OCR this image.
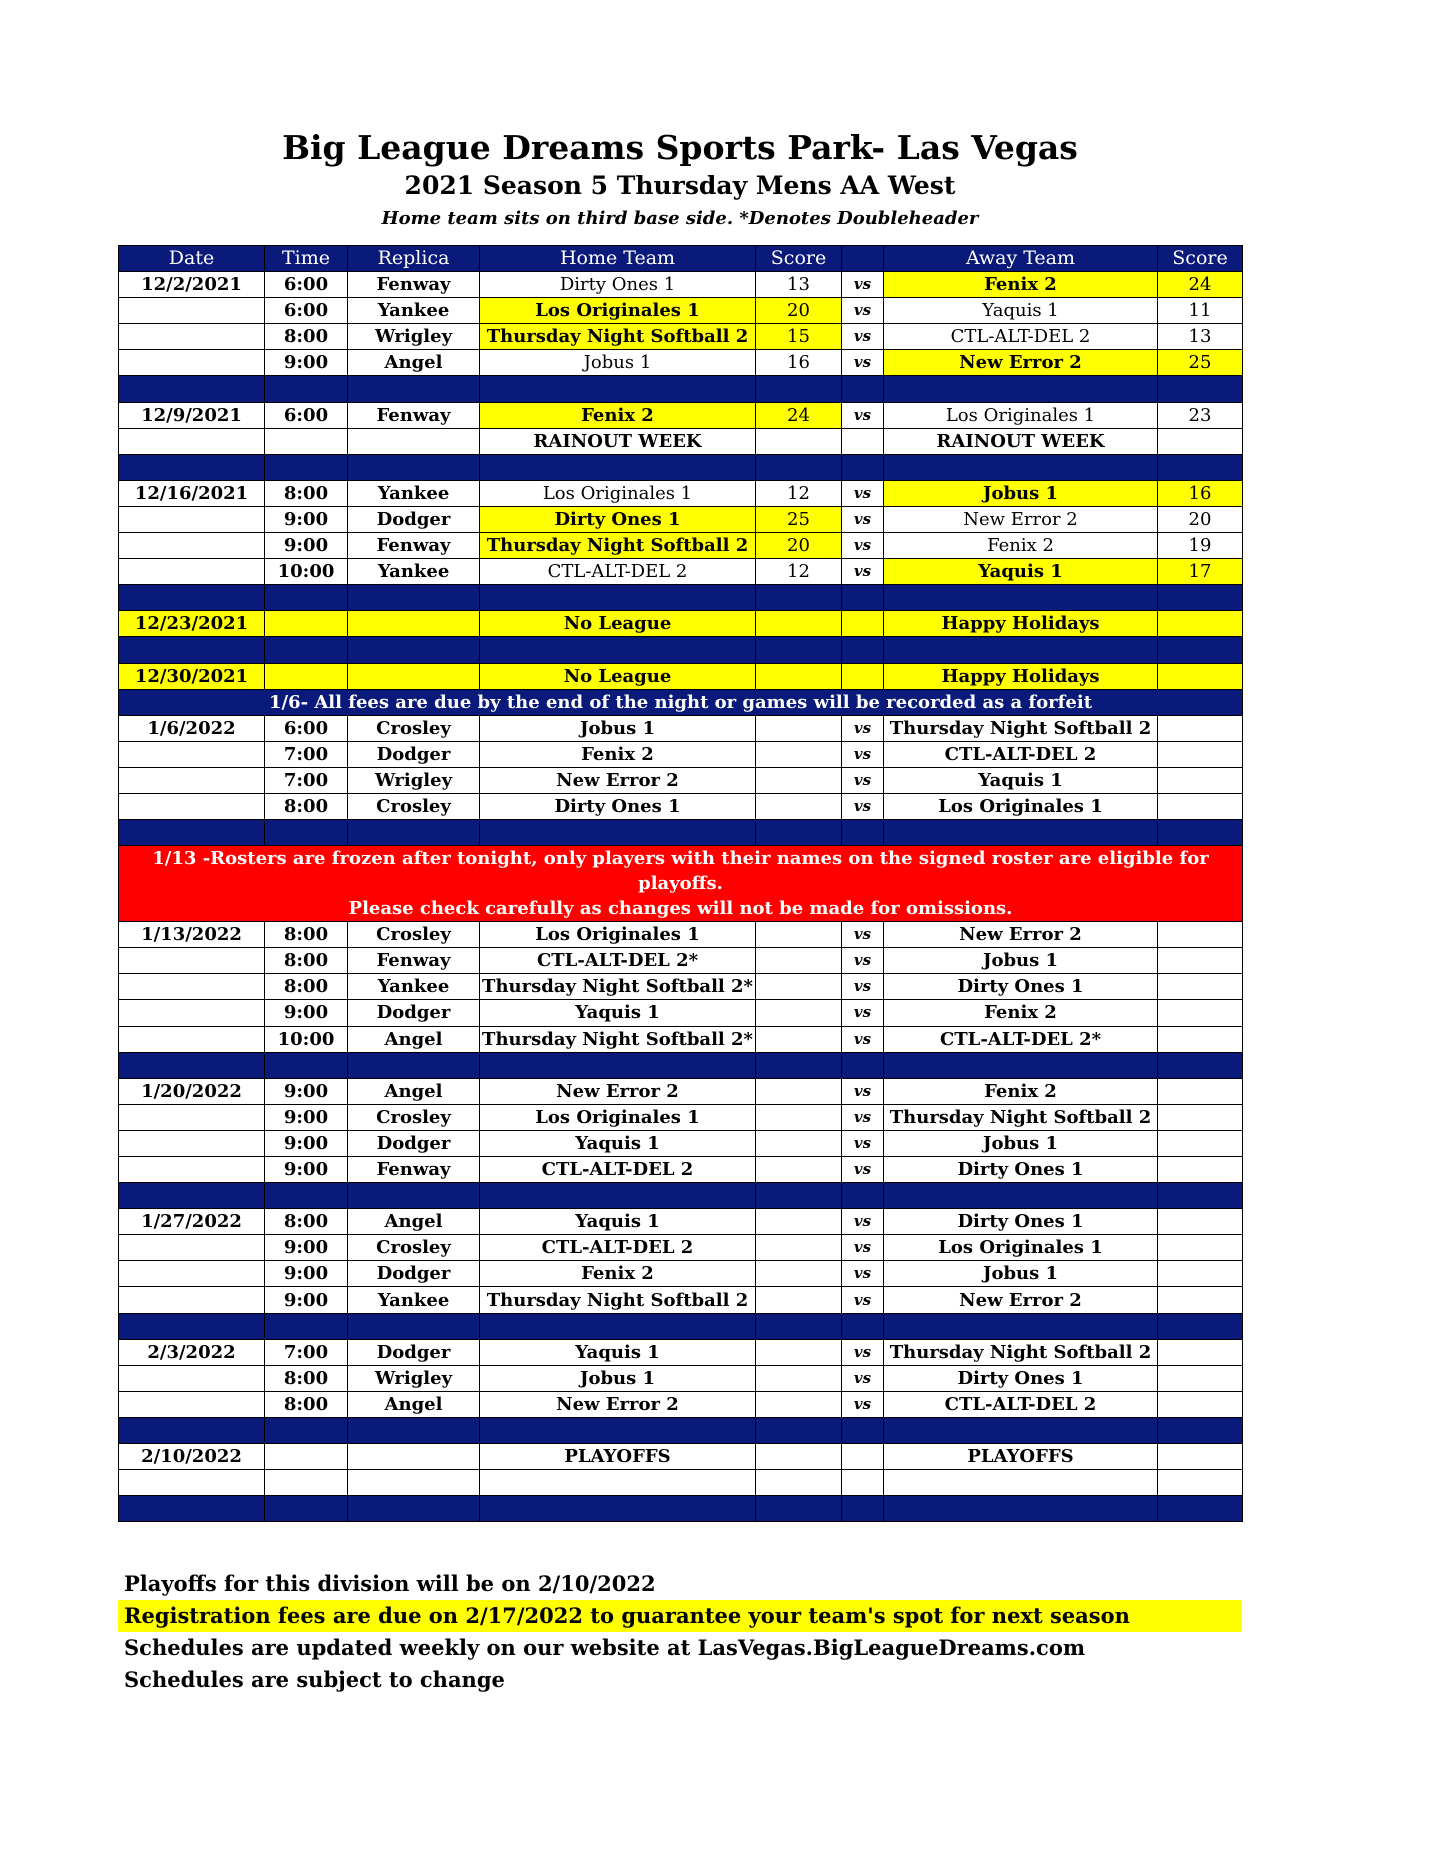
Big League Dreams Sports Park- Las Vegas
2021 Season 5 Thursday Mens AA West
Home team sits on third base side. *Denotes Doubleheader
Date	Time	Replica	Home Team	Score		Away Team	Score
12/2/2021	6:00	Fenway	Dirty Ones 1	13	vs	Fenix 2	24
	6:00	Yankee	Los Originales 1	20	vs	Yaquis 1	11
	8:00	Wrigley	Thursday Night Softball 2	15	vs	CTL-ALT-DEL 2	13
	9:00	Angel	Jobus 1	16	vs	New Error 2	25

12/9/2021	6:00	Fenway	Fenix 2	24	vs	Los Originales 1	23
			RAINOUT WEEK			RAINOUT WEEK	

12/16/2021	8:00	Yankee	Los Originales 1	12	vs	Jobus 1	16
	9:00	Dodger	Dirty Ones 1	25	vs	New Error 2	20
	9:00	Fenway	Thursday Night Softball 2	20	vs	Fenix 2	19
	10:00	Yankee	CTL-ALT-DEL 2	12	vs	Yaquis 1	17

12/23/2021			No League			Happy Holidays	

12/30/2021			No League			Happy Holidays	
1/6- All fees are due by the end of the night or games will be recorded as a forfeit							
1/6/2022	6:00	Crosley	Jobus 1		vs	Thursday Night Softball 2	
	7:00	Dodger	Fenix 2		vs	CTL-ALT-DEL 2	
	7:00	Wrigley	New Error 2		vs	Yaquis 1	
	8:00	Crosley	Dirty Ones 1		vs	Los Originales 1	

1/13 -Rosters are frozen after tonight, only players with their names on the signed roster are eligible for playoffs.
Please check carefully as changes will not be made for omissions.							

1/13/2022	8:00	Crosley	Los Originales 1		vs	New Error 2	
	8:00	Fenway	CTL-ALT-DEL 2*		vs	Jobus 1	
	8:00	Yankee	Thursday Night Softball 2*		vs	Dirty Ones 1	
	9:00	Dodger	Yaquis 1		vs	Fenix 2	
	10:00	Angel	Thursday Night Softball 2*		vs	CTL-ALT-DEL 2*	

1/20/2022	9:00	Angel	New Error 2		vs	Fenix 2	
	9:00	Crosley	Los Originales 1		vs	Thursday Night Softball 2	
	9:00	Dodger	Yaquis 1		vs	Jobus 1	
	9:00	Fenway	CTL-ALT-DEL 2		vs	Dirty Ones 1	

1/27/2022	8:00	Angel	Yaquis 1		vs	Dirty Ones 1	
	9:00	Crosley	CTL-ALT-DEL 2		vs	Los Originales 1	
	9:00	Dodger	Fenix 2		vs	Jobus 1	
	9:00	Yankee	Thursday Night Softball 2		vs	New Error 2	

2/3/2022	7:00	Dodger	Yaquis 1		vs	Thursday Night Softball 2	
	8:00	Wrigley	Jobus 1		vs	Dirty Ones 1	
	8:00	Angel	New Error 2		vs	CTL-ALT-DEL 2	

2/10/2022			PLAYOFFS			PLAYOFFS	

Playoffs for this division will be on 2/10/2022
Registration fees are due on 2/17/2022 to guarantee your team's spot for next season
Schedules are updated weekly on our website at LasVegas.BigLeagueDreams.com
Schedules are subject to change
